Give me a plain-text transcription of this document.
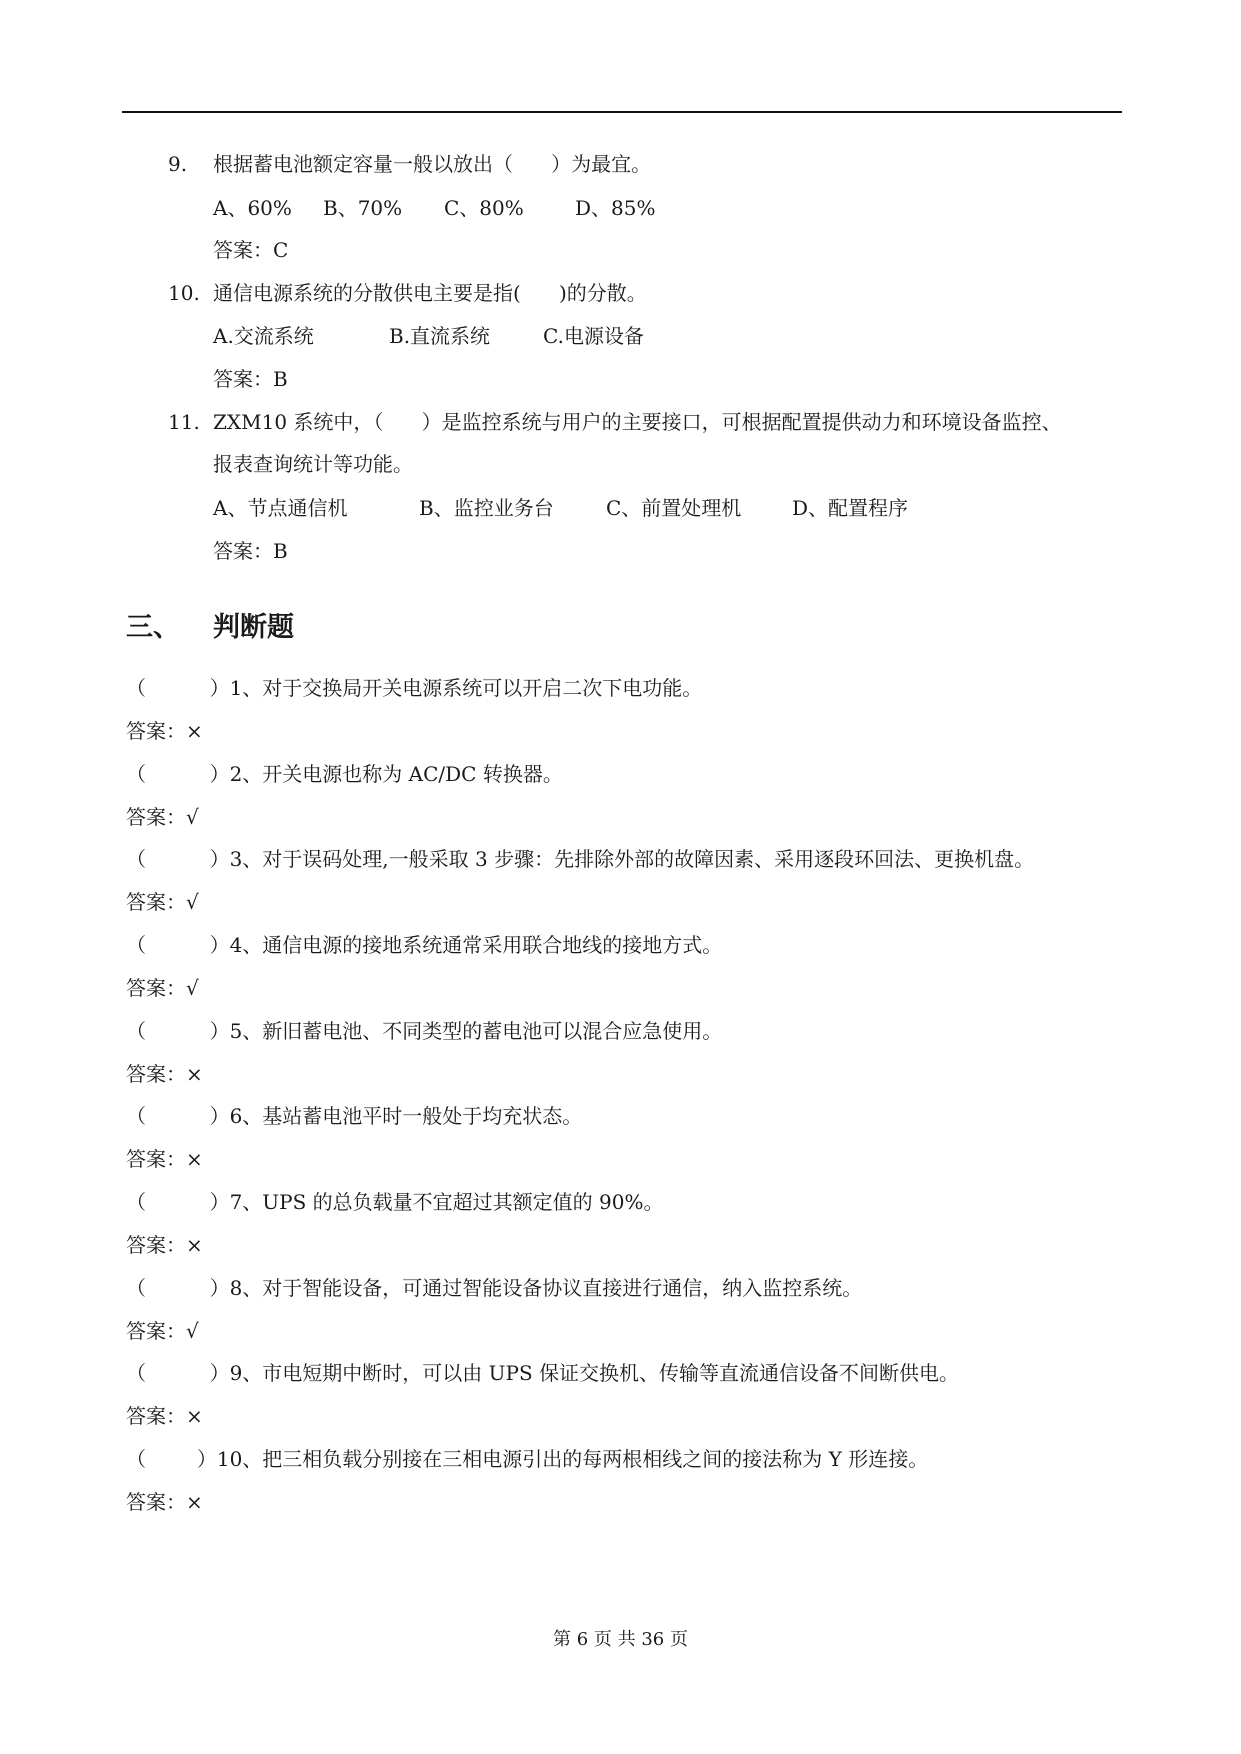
9. 根据蓄电池额定容量一般以放出（      ）为最宜。
A、60% B、70% C、80%	D、85%
答案：C
10. 通信电源系统的分散供电主要是指(      )的分散。
A.交流系统	B.直流系统	C.电源设备
答案：B
11. ZXM10 系统中，（      ）是监控系统与用户的主要接口，可根据配置提供动力和环境设备监控、
报表查询统计等功能。
A、节点通信机	B、监控业务台	C、前置处理机	D、配置程序
答案：B
三、 判断题
（          ）1、对于交换局开关电源系统可以开启二次下电功能。
答案：×
（          ）2、开关电源也称为 AC/DC 转换器。
答案：√
（          ）3、对于误码处理,一般采取 3 步骤：先排除外部的故障因素、采用逐段环回法、更换机盘。
答案：√
（          ）4、通信电源的接地系统通常采用联合地线的接地方式。
答案：√
（          ）5、新旧蓄电池、不同类型的蓄电池可以混合应急使用。
答案：×
（          ）6、基站蓄电池平时一般处于均充状态。
答案：×
（          ）7、UPS 的总负载量不宜超过其额定值的 90%。
答案：×
（          ）8、对于智能设备，可通过智能设备协议直接进行通信，纳入监控系统。
答案：√
（          ）9、市电短期中断时，可以由 UPS 保证交换机、传输等直流通信设备不间断供电。
答案：×
（        ）10、把三相负载分别接在三相电源引出的每两根相线之间的接法称为 Y 形连接。
答案：×
第 6 页 共 36 页
